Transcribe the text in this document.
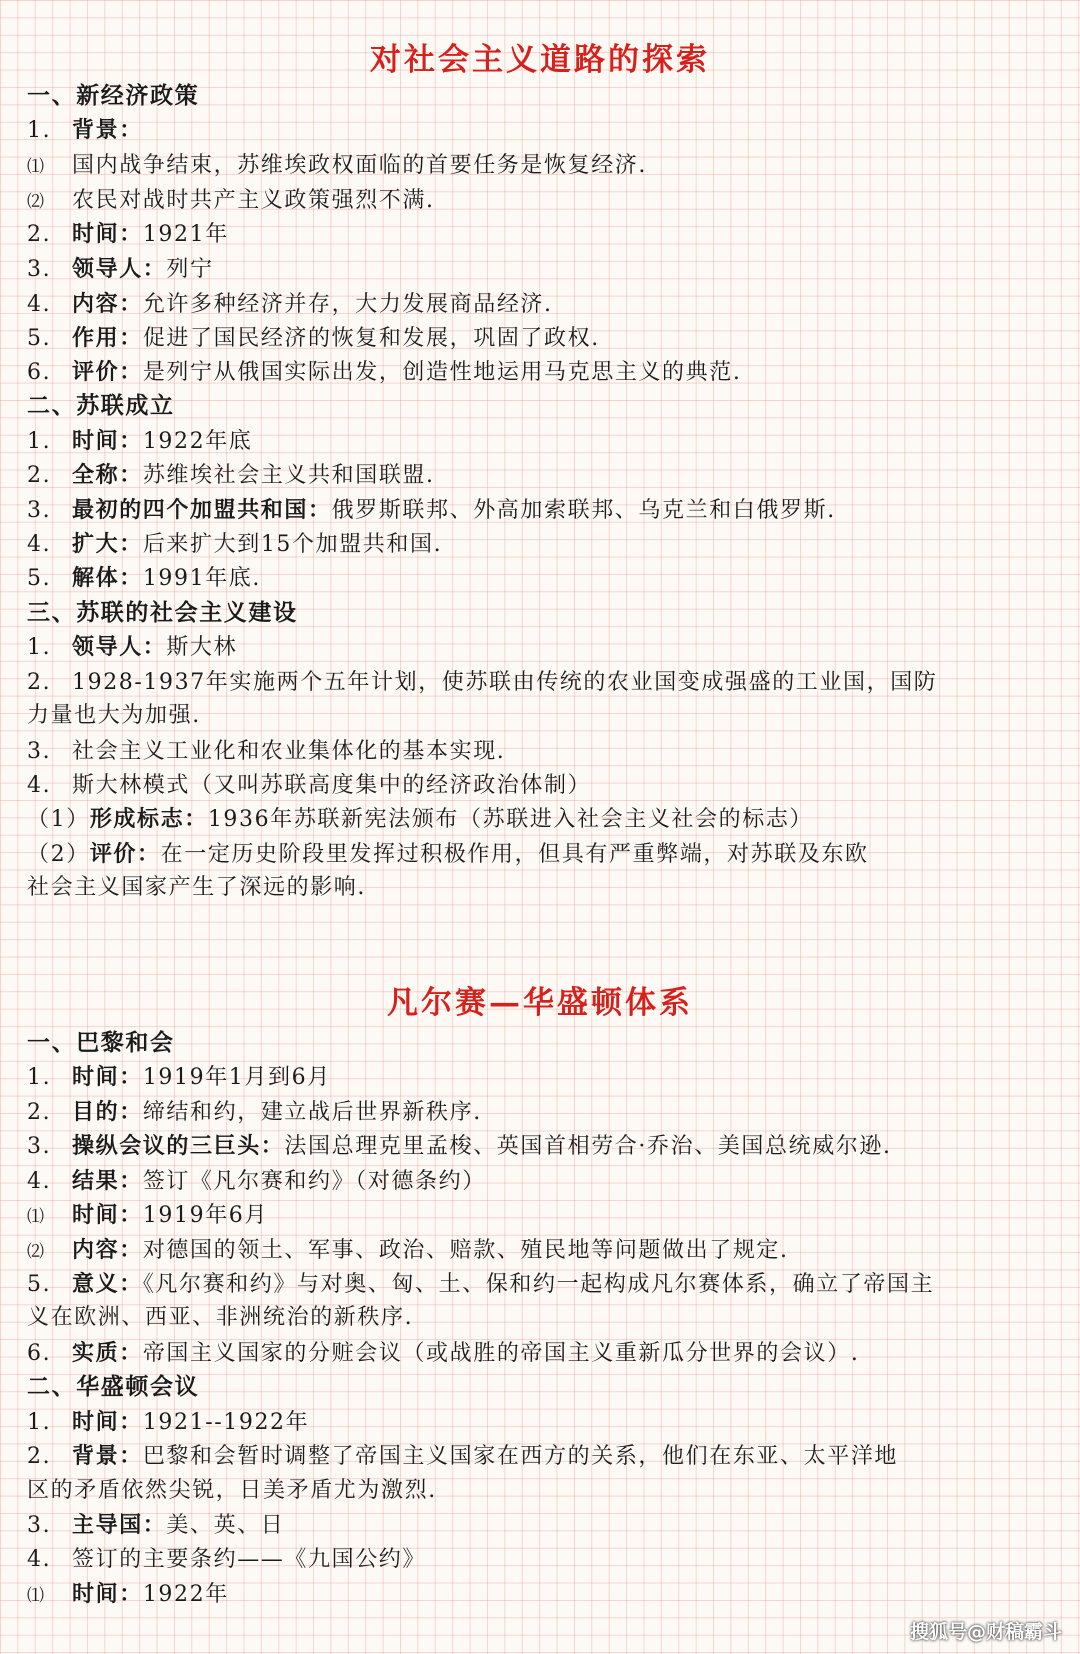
对社会主义道路的探索
一、新经济政策
1. 背景：
⑴ 国内战争结束，苏维埃政权面临的首要任务是恢复经济.
⑵ 农民对战时共产主义政策强烈不满.
2. 时间：1921年
3. 领导人：列宁
4. 内容：允许多种经济并存，大力发展商品经济.
5. 作用：促进了国民经济的恢复和发展，巩固了政权.
6. 评价：是列宁从俄国实际出发，创造性地运用马克思主义的典范.
二、苏联成立
1. 时间：1922年底
2. 全称：苏维埃社会主义共和国联盟.
3. 最初的四个加盟共和国：俄罗斯联邦、外高加索联邦、乌克兰和白俄罗斯.
4. 扩大：后来扩大到15个加盟共和国.
5. 解体：1991年底.
三、苏联的社会主义建设
1. 领导人：斯大林
2. 1928-1937年实施两个五年计划，使苏联由传统的农业国变成强盛的工业国，国防
力量也大为加强.
3. 社会主义工业化和农业集体化的基本实现.
4. 斯大林模式（又叫苏联高度集中的经济政治体制）
（1）形成标志：1936年苏联新宪法颁布（苏联进入社会主义社会的标志）
（2）评价：在一定历史阶段里发挥过积极作用，但具有严重弊端，对苏联及东欧
社会主义国家产生了深远的影响.
凡尔赛—华盛顿体系
一、巴黎和会
1. 时间：1919年1月到6月
2. 目的：缔结和约，建立战后世界新秩序.
3. 操纵会议的三巨头：法国总理克里孟梭、英国首相劳合·乔治、美国总统威尔逊.
4. 结果：签订《凡尔赛和约》（对德条约）
⑴ 时间：1919年6月
⑵ 内容：对德国的领土、军事、政治、赔款、殖民地等问题做出了规定.
5. 意义：《凡尔赛和约》与对奥、匈、土、保和约一起构成凡尔赛体系，确立了帝国主
义在欧洲、西亚、非洲统治的新秩序.
6. 实质：帝国主义国家的分赃会议（或战胜的帝国主义重新瓜分世界的会议）.
二、华盛顿会议
1. 时间：1921--1922年
2. 背景：巴黎和会暂时调整了帝国主义国家在西方的关系，他们在东亚、太平洋地
区的矛盾依然尖锐，日美矛盾尤为激烈.
3. 主导国：美、英、日
4. 签订的主要条约——《九国公约》
⑴ 时间：1922年
搜狐号@财稿霸斗
